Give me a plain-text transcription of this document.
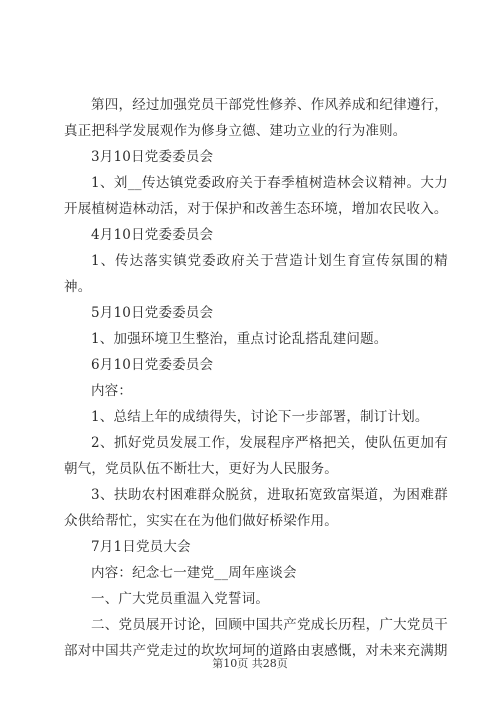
第四，经过加强党员干部党性修养、作风养成和纪律遵行，真正把科学发展观作为修身立德、建功立业的行为准则。

3月10日党委委员会

1、刘__传达镇党委政府关于春季植树造林会议精神。大力开展植树造林动活，对于保护和改善生态环境，增加农民收入。

4月10日党委委员会

1、传达落实镇党委政府关于营造计划生育宣传氛围的精神。

5月10日党委委员会

1、加强环境卫生整治，重点讨论乱搭乱建问题。

6月10日党委委员会

内容：

1、总结上年的成绩得失，讨论下一步部署，制订计划。

2、抓好党员发展工作，发展程序严格把关，使队伍更加有朝气，党员队伍不断壮大，更好为人民服务。

3、扶助农村困难群众脱贫，进取拓宽致富渠道，为困难群众供给帮忙，实实在在为他们做好桥梁作用。

7月1日党员大会

内容：纪念七一建党__周年座谈会

一、广大党员重温入党誓词。

二、党员展开讨论，回顾中国共产党成长历程，广大党员干部对中国共产党走过的坎坎坷坷的道路由衷感慨，对未来充满期

第10页 共28页
